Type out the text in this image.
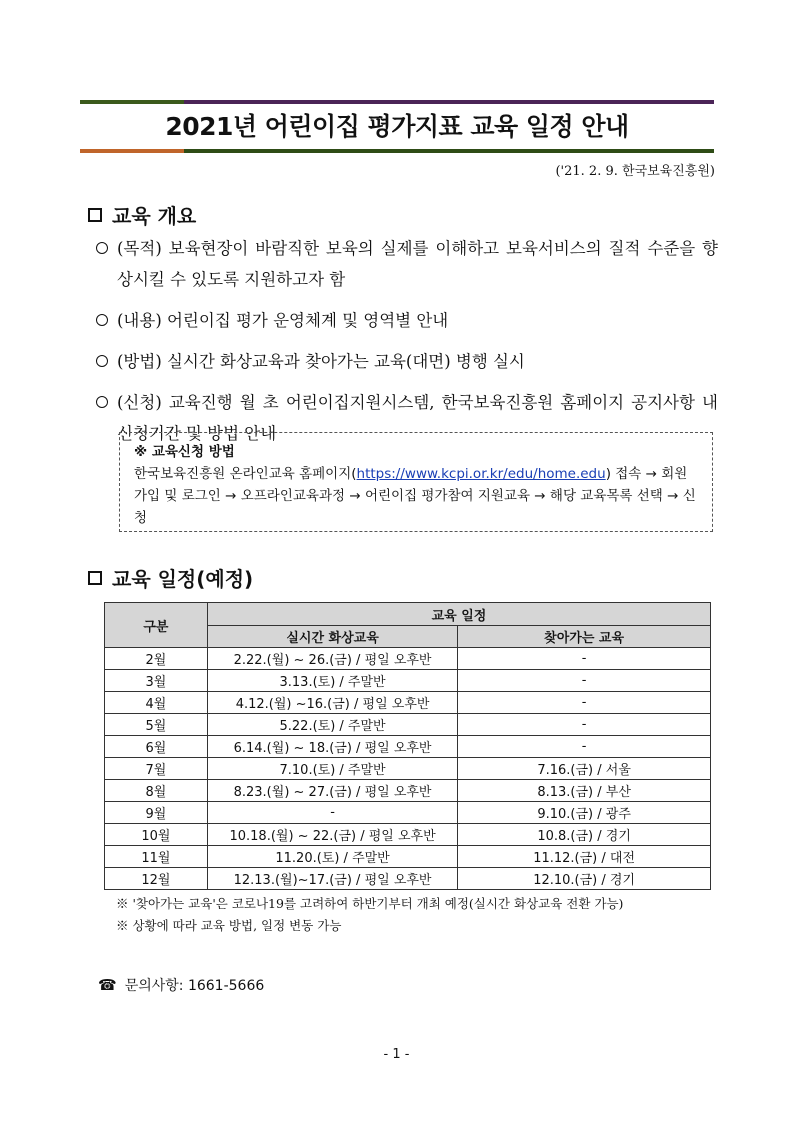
2021년 어린이집 평가지표 교육 일정 안내
('21. 2. 9. 한국보육진흥원)
교육 개요
(목적) 보육현장이 바람직한 보육의 실제를 이해하고 보육서비스의 질적 수준을 향상시킬 수 있도록 지원하고자 함
(내용) 어린이집 평가 운영체계 및 영역별 안내
(방법) 실시간 화상교육과 찾아가는 교육(대면) 병행 실시
(신청) 교육진행 월 초 어린이집지원시스템, 한국보육진흥원 홈페이지 공지사항 내 신청기간 및 방법 안내
※ 교육신청 방법
한국보육진흥원 온라인교육 홈페이지(https://www.kcpi.or.kr/edu/home.edu) 접속 → 회원가입 및 로그인 → 오프라인교육과정 → 어린이집 평가참여 지원교육 → 해당 교육목록 선택 → 신청
교육 일정(예정)
구분	교육 일정	
	실시간 화상교육	찾아가는 교육
2월	2.22.(월) ~ 26.(금) / 평일 오후반	-
3월	3.13.(토) / 주말반	-
4월	4.12.(월) ~16.(금) / 평일 오후반	-
5월	5.22.(토) / 주말반	-
6월	6.14.(월) ~ 18.(금) / 평일 오후반	-
7월	7.10.(토) / 주말반	7.16.(금) / 서울
8월	8.23.(월) ~ 27.(금) / 평일 오후반	8.13.(금) / 부산
9월	-	9.10.(금) / 광주
10월	10.18.(월) ~ 22.(금) / 평일 오후반	10.8.(금) / 경기
11월	11.20.(토) / 주말반	11.12.(금) / 대전
12월	12.13.(월)~17.(금) / 평일 오후반	12.10.(금) / 경기
※ '찾아가는 교육'은 코로나19를 고려하여 하반기부터 개최 예정(실시간 화상교육 전환 가능)
※ 상황에 따라 교육 방법, 일정 변동 가능
☎ 문의사항: 1661-5666
- 1 -
